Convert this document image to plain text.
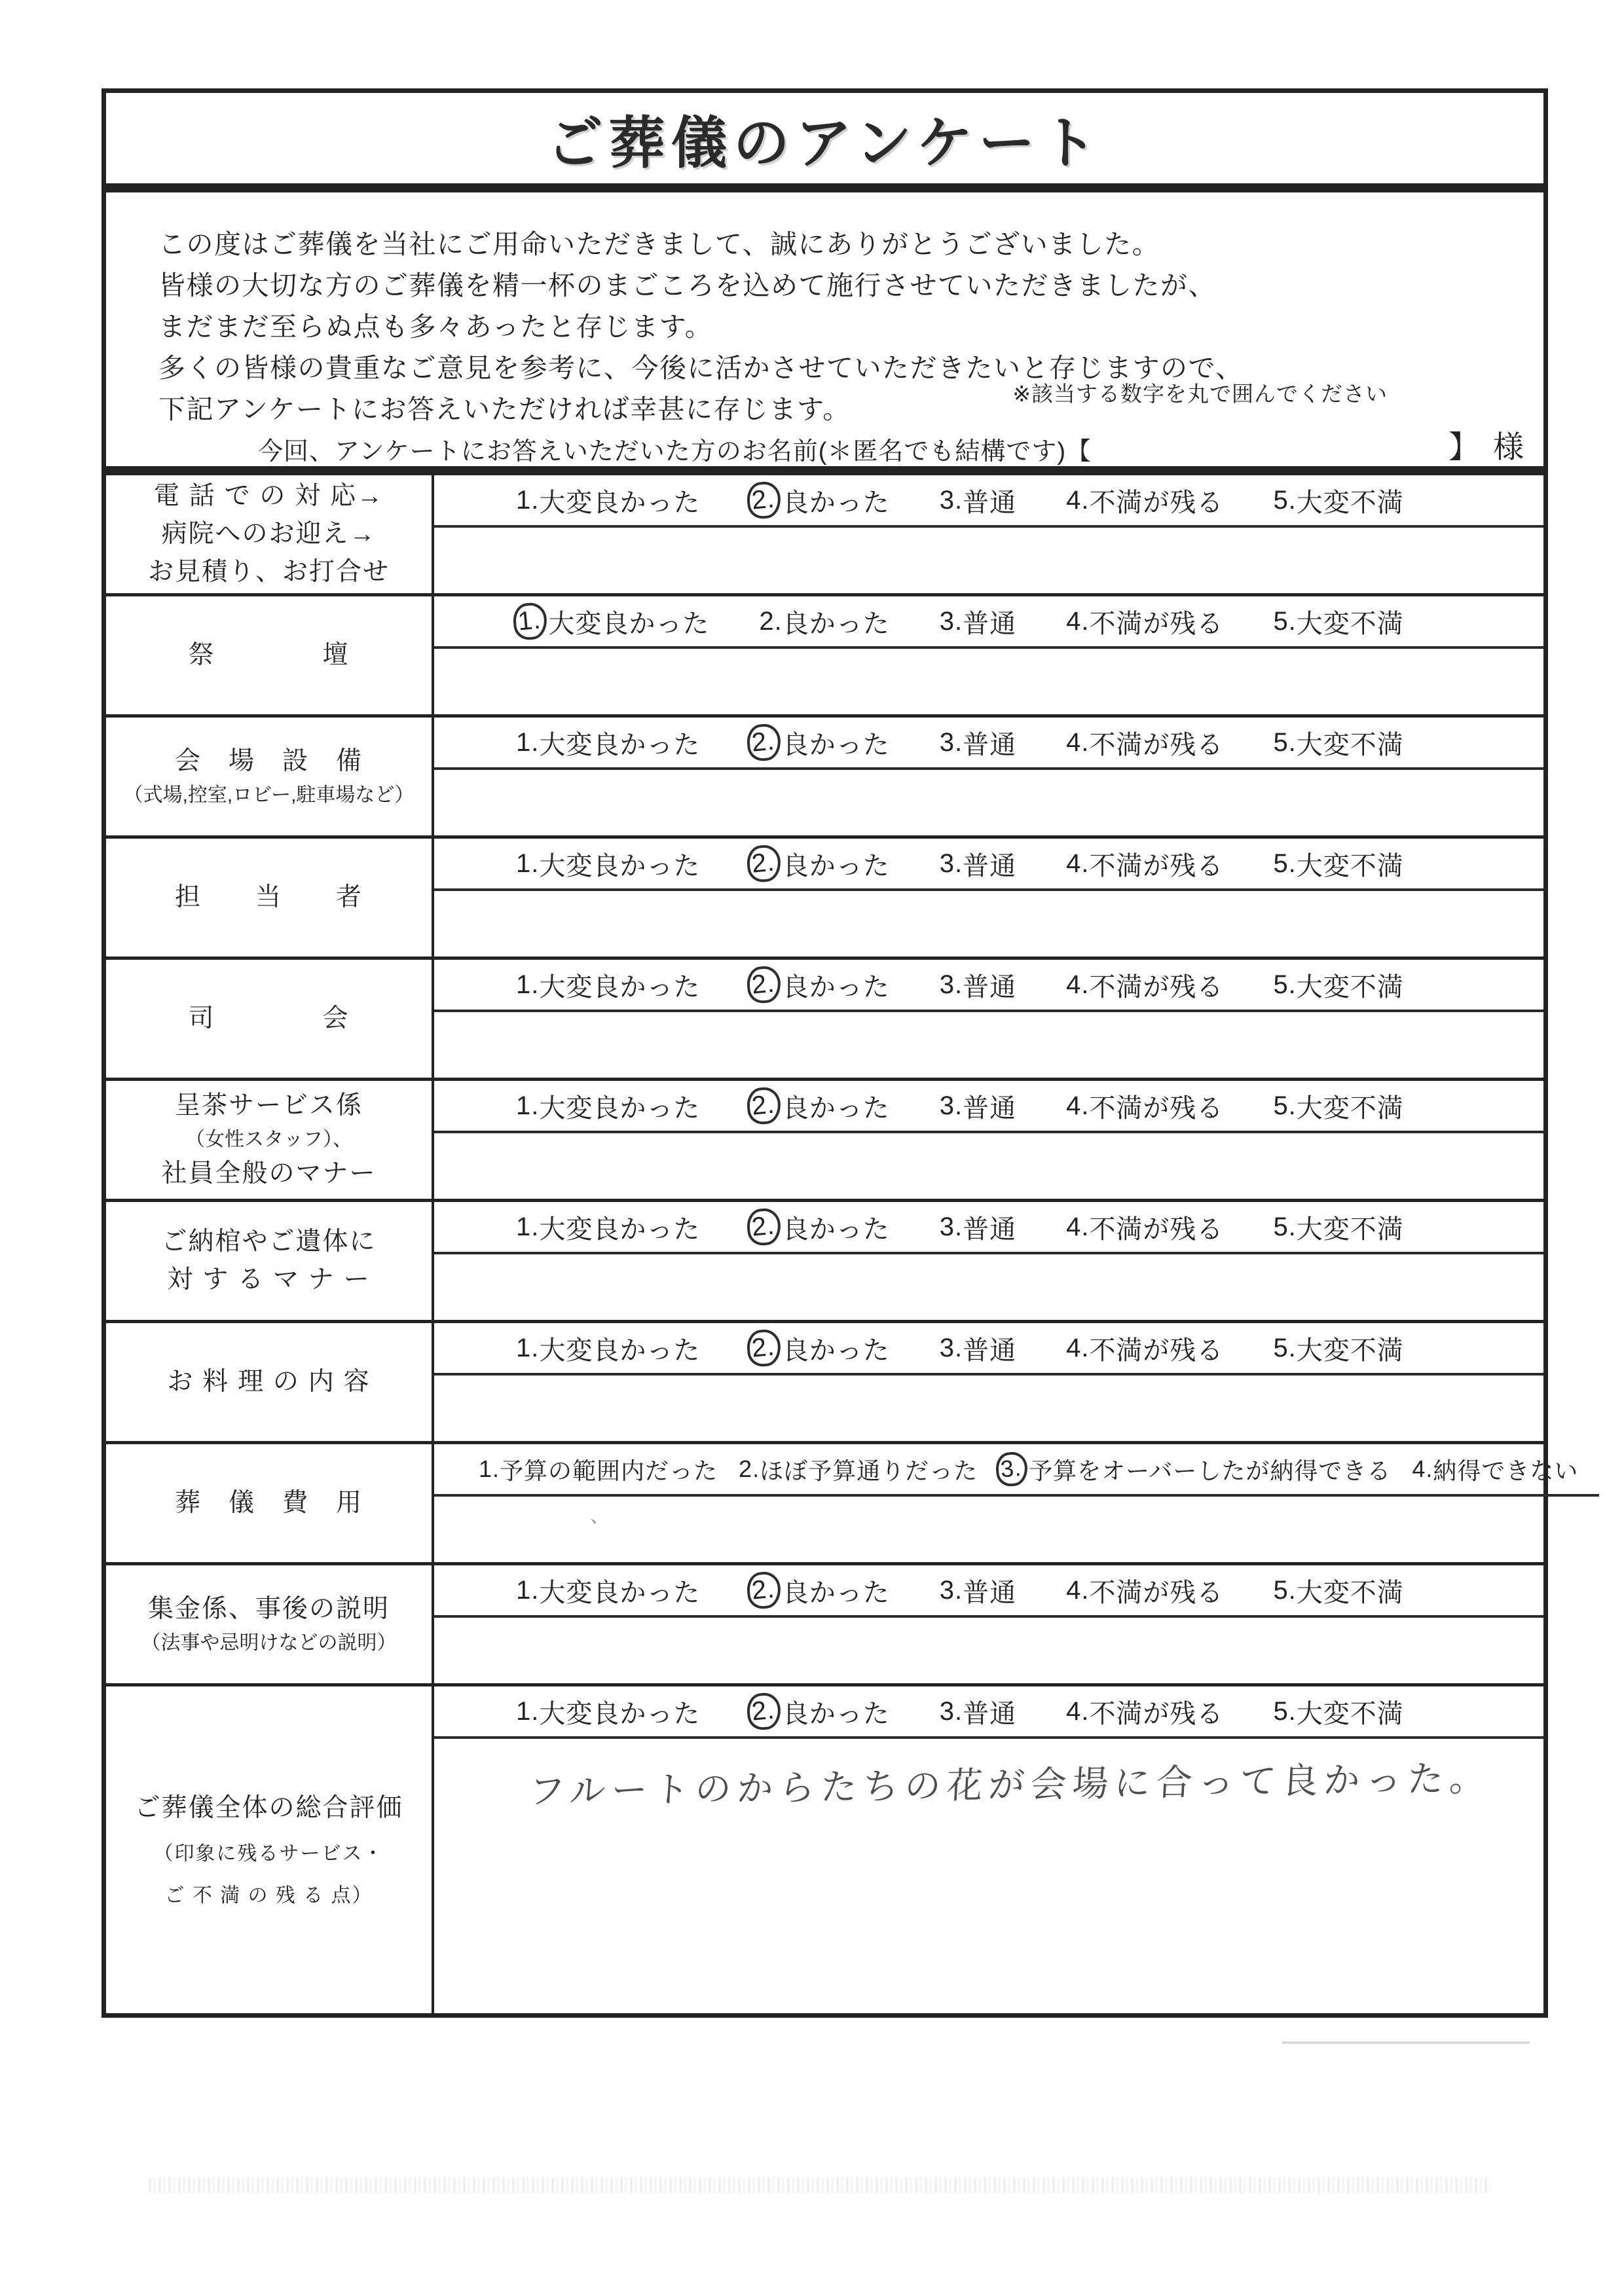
ご葬儀のアンケート
この度はご葬儀を当社にご用命いただきまして、誠にありがとうございました。
皆様の大切な方のご葬儀を精一杯のまごころを込めて施行させていただきましたが、
まだまだ至らぬ点も多々あったと存じます。
多くの皆様の貴重なご意見を参考に、今後に活かさせていただきたいと存じますので、
下記アンケートにお答えいただければ幸甚に存じます。
※該当する数字を丸で囲んでください
今回、アンケートにお答えいただいた方のお名前(＊匿名でも結構です)【	】 様
電 話 で の 対 応→
病院へのお迎え→
お見積り、お打合せ
1. 大変良かった 2. 良かった 3. 普通 4. 不満が残る 5. 大変不満
祭　　　　壇
1. 大変良かった 2. 良かった 3. 普通 4. 不満が残る 5. 大変不満
会　場　設　備
（式場,控室,ロビー,駐車場など）
1. 大変良かった 2. 良かった 3. 普通 4. 不満が残る 5. 大変不満
担　　当　　者
1. 大変良かった 2. 良かった 3. 普通 4. 不満が残る 5. 大変不満
司　　　　会
1. 大変良かった 2. 良かった 3. 普通 4. 不満が残る 5. 大変不満
呈茶サービス係
（女性スタッフ）、
社員全般のマナー
1. 大変良かった 2. 良かった 3. 普通 4. 不満が残る 5. 大変不満
ご納棺やご遺体に
対 す る マ ナ ー
1. 大変良かった 2. 良かった 3. 普通 4. 不満が残る 5. 大変不満
お 料 理 の 内 容
1. 大変良かった 2. 良かった 3. 普通 4. 不満が残る 5. 大変不満
葬　儀　費　用
1. 予算の範囲内だった 2. ほぼ予算通りだった 3. 予算をオーバーしたが納得できる 4. 納得できない
、
集金係、事後の説明
（法事や忌明けなどの説明）
1. 大変良かった 2. 良かった 3. 普通 4. 不満が残る 5. 大変不満
ご葬儀全体の総合評価
（印象に残るサービス・
ご 不 満 の 残 る 点）
1. 大変良かった 2. 良かった 3. 普通 4. 不満が残る 5. 大変不満
フルートのからたちの花が会場に合って良かった。
